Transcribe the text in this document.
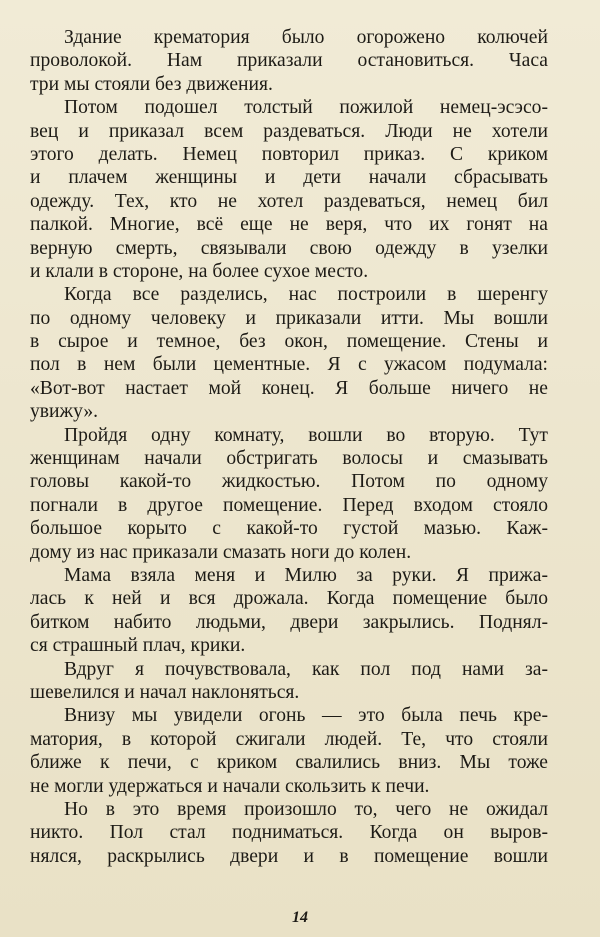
Здание крематория было огорожено колючей
проволокой. Нам приказали остановиться. Часа
три мы стояли без движения.

Потом подошел толстый пожилой немец-эсэсо-
вец и приказал всем раздеваться. Люди не хотели
этого делать. Немец повторил приказ. С криком
и плачем женщины и дети начали сбрасывать
одежду. Тех, кто не хотел раздеваться, немец бил
палкой. Многие, всё еще не веря, что их гонят на
верную смерть, связывали свою одежду в узелки
и клали в стороне, на более сухое место.

Когда все разделись, нас построили в шеренгу
по одному человеку и приказали итти. Мы вошли
в сырое и темное, без окон, помещение. Стены и
пол в нем были цементные. Я с ужасом подумала:
«Вот-вот настает мой конец. Я больше ничего не
увижу».

Пройдя одну комнату, вошли во вторую. Тут
женщинам начали обстригать волосы и смазывать
головы какой-то жидкостью. Потом по одному
погнали в другое помещение. Перед входом стояло
большое корыто с какой-то густой мазью. Каж-
дому из нас приказали смазать ноги до колен.

Мама взяла меня и Милю за руки. Я прижа-
лась к ней и вся дрожала. Когда помещение было
битком набито людьми, двери закрылись. Поднял-
ся страшный плач, крики.

Вдруг я почувствовала, как пол под нами за-
шевелился и начал наклоняться.

Внизу мы увидели огонь — это была печь кре-
матория, в которой сжигали людей. Те, что стояли
ближе к печи, с криком свалились вниз. Мы тоже
не могли удержаться и начали скользить к печи.

Но в это время произошло то, чего не ожидал
никто. Пол стал подниматься. Когда он выров-
нялся, раскрылись двери и в помещение вошли

14
